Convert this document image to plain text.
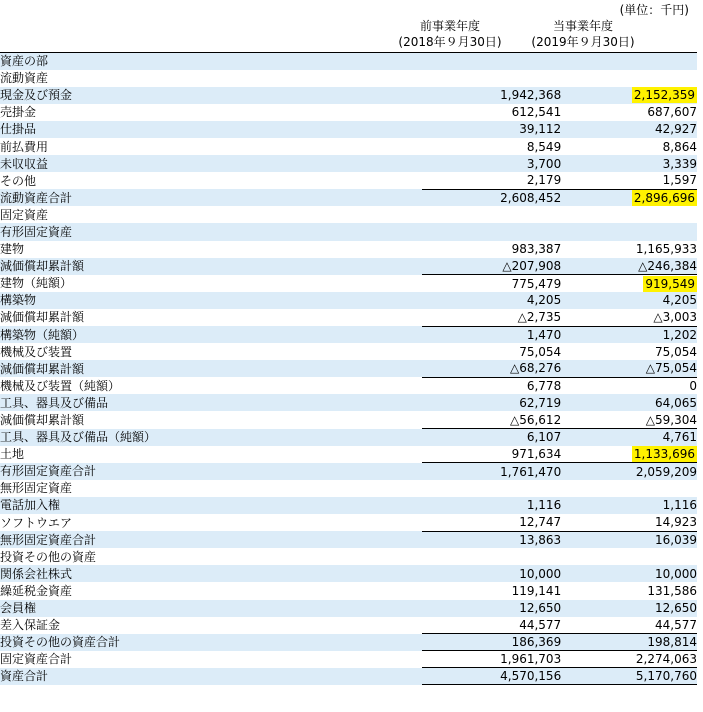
(単位：千円)
前事業年度
(2018年９月30日)
当事業年度
(2019年９月30日)
資産の部		
流動資産		
現金及び預金	1,942,368	2,152,359
売掛金	612,541	687,607
仕掛品	39,112	42,927
前払費用	8,549	8,864
未収収益	3,700	3,339
その他	2,179	1,597
流動資産合計	2,608,452	2,896,696
固定資産		
有形固定資産		
建物	983,387	1,165,933
減価償却累計額	△207,908	△246,384
建物（純額）	775,479	919,549
構築物	4,205	4,205
減価償却累計額	△2,735	△3,003
構築物（純額）	1,470	1,202
機械及び装置	75,054	75,054
減価償却累計額	△68,276	△75,054
機械及び装置（純額）	6,778	0
工具、器具及び備品	62,719	64,065
減価償却累計額	△56,612	△59,304
工具、器具及び備品（純額）	6,107	4,761
土地	971,634	1,133,696
有形固定資産合計	1,761,470	2,059,209
無形固定資産		
電話加入権	1,116	1,116
ソフトウエア	12,747	14,923
無形固定資産合計	13,863	16,039
投資その他の資産		
関係会社株式	10,000	10,000
繰延税金資産	119,141	131,586
会員権	12,650	12,650
差入保証金	44,577	44,577
投資その他の資産合計	186,369	198,814
固定資産合計	1,961,703	2,274,063
資産合計	4,570,156	5,170,760
